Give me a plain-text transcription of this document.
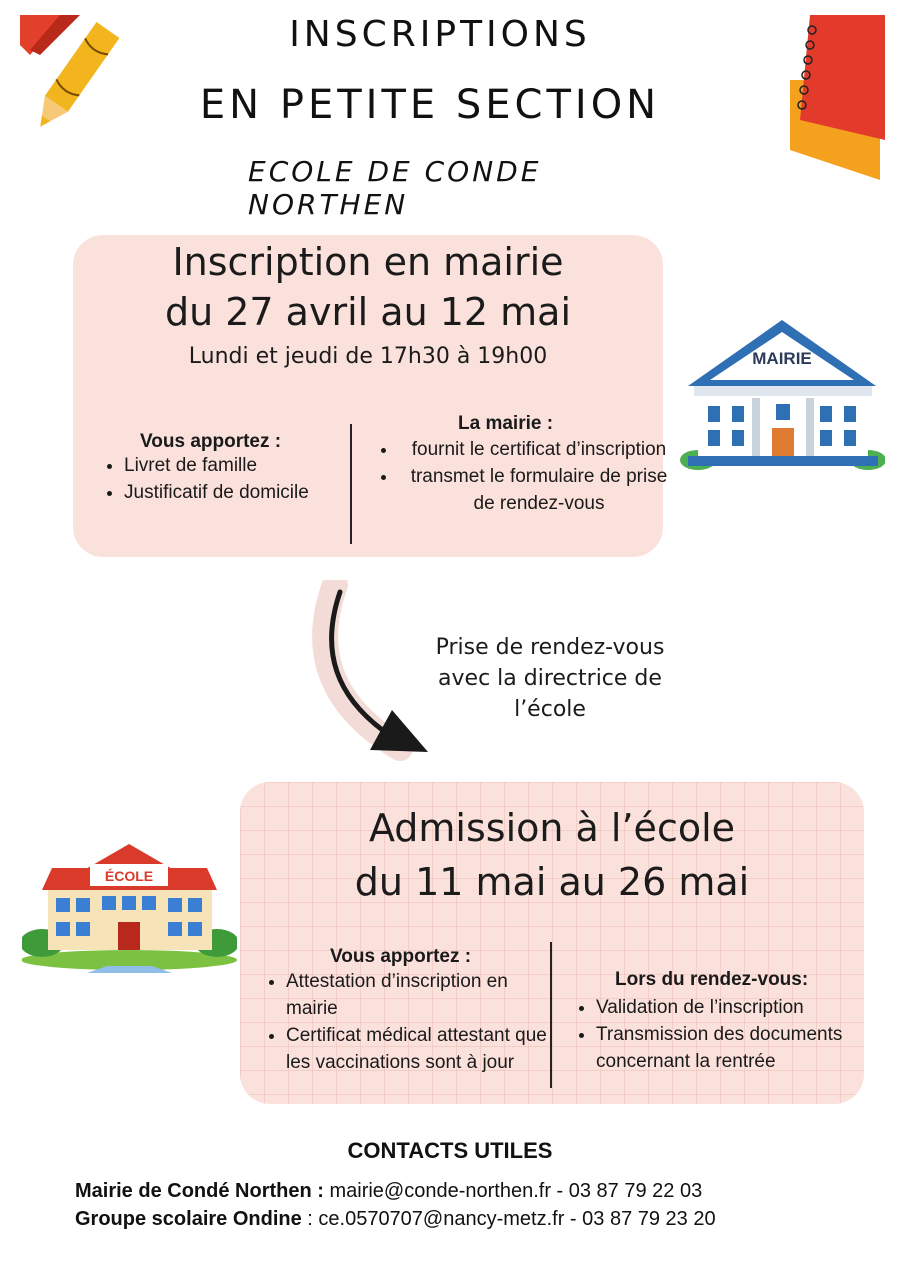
INSCRIPTIONS
EN PETITE SECTION
ECOLE DE CONDE NORTHEN
Inscription en mairie
du 27 avril au 12 mai
Lundi et jeudi de 17h30 à 19h00
Vous apportez :
• Livret de famille
• Justificatif de domicile
La mairie :
• fournit le certificat d’inscription
• transmet le formulaire de prise de rendez-vous
MAIRIE
Prise de rendez-vous
avec la directrice de
l’école
Admission à l’école
du 11 mai au 26 mai
Vous apportez :
• Attestation d’inscription en mairie
• Certificat médical attestant que les vaccinations sont à jour
Lors du rendez-vous:
• Validation de l’inscription
• Transmission des documents concernant la rentrée
ÉCOLE
CONTACTS UTILES
Mairie de Condé Northen : mairie@conde-northen.fr - 03 87 79 22 03
Groupe scolaire Ondine : ce.0570707@nancy-metz.fr - 03 87 79 23 20
